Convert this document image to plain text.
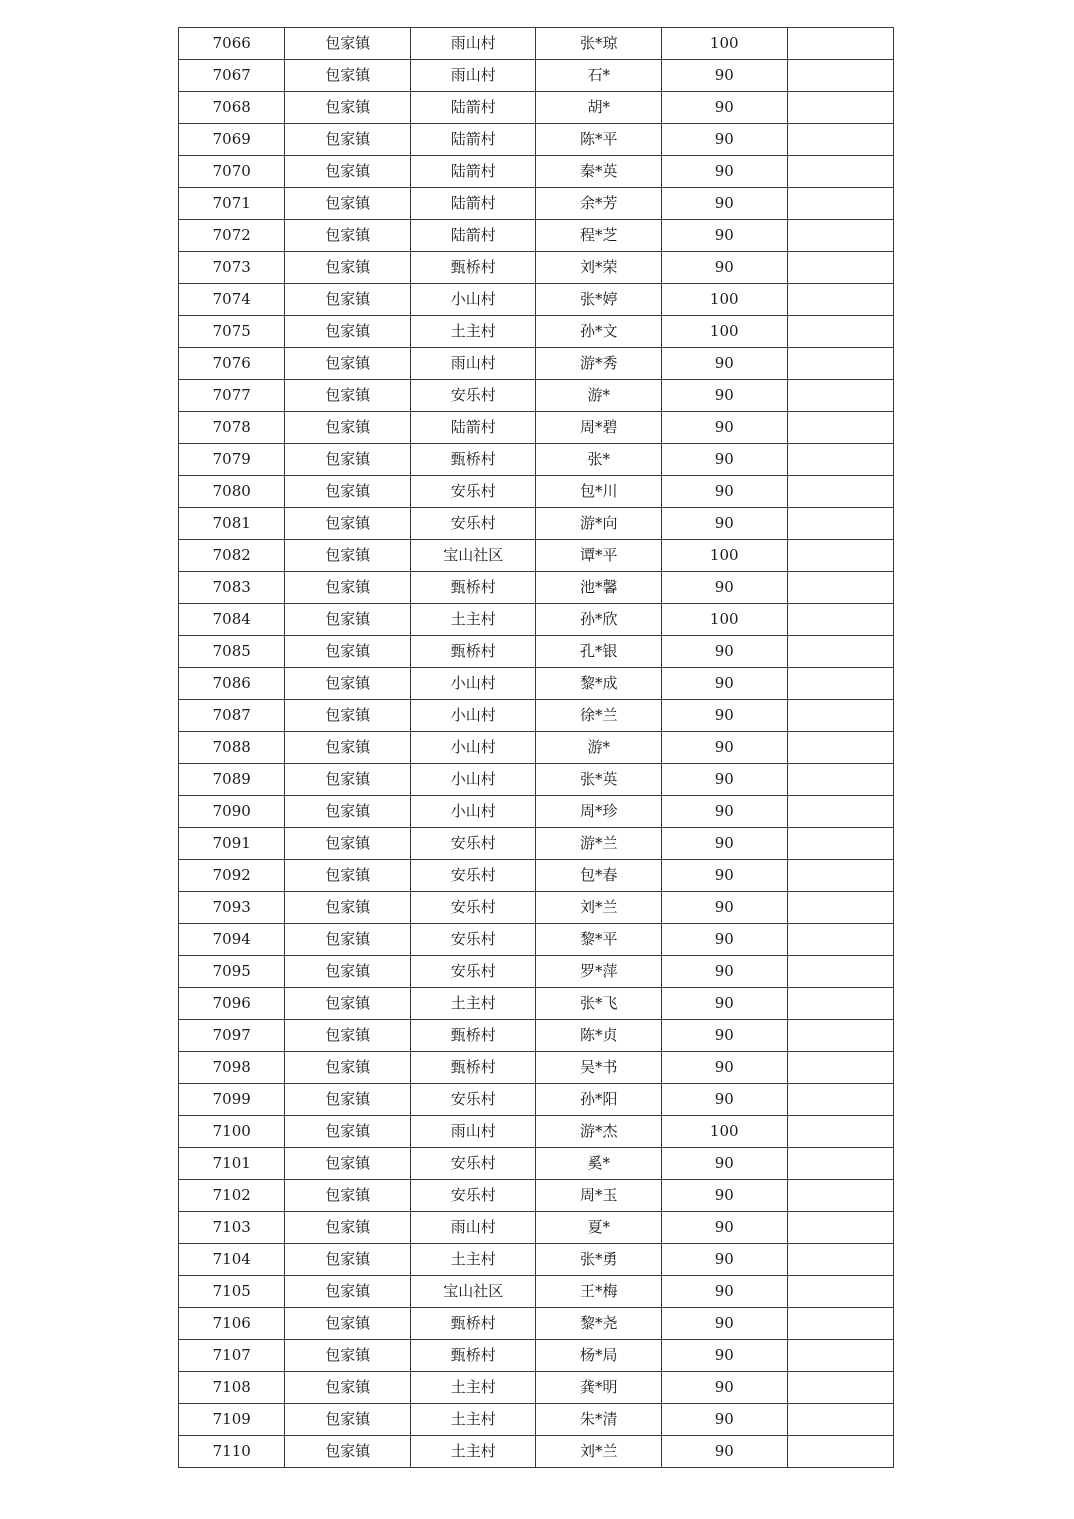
7066	包家镇	雨山村	张*琼	100	
7067	包家镇	雨山村	石*	90	
7068	包家镇	陆箭村	胡*	90	
7069	包家镇	陆箭村	陈*平	90	
7070	包家镇	陆箭村	秦*英	90	
7071	包家镇	陆箭村	余*芳	90	
7072	包家镇	陆箭村	程*芝	90	
7073	包家镇	甄桥村	刘*荣	90	
7074	包家镇	小山村	张*婷	100	
7075	包家镇	土主村	孙*文	100	
7076	包家镇	雨山村	游*秀	90	
7077	包家镇	安乐村	游*	90	
7078	包家镇	陆箭村	周*碧	90	
7079	包家镇	甄桥村	张*	90	
7080	包家镇	安乐村	包*川	90	
7081	包家镇	安乐村	游*向	90	
7082	包家镇	宝山社区	谭*平	100	
7083	包家镇	甄桥村	池*馨	90	
7084	包家镇	土主村	孙*欣	100	
7085	包家镇	甄桥村	孔*银	90	
7086	包家镇	小山村	黎*成	90	
7087	包家镇	小山村	徐*兰	90	
7088	包家镇	小山村	游*	90	
7089	包家镇	小山村	张*英	90	
7090	包家镇	小山村	周*珍	90	
7091	包家镇	安乐村	游*兰	90	
7092	包家镇	安乐村	包*春	90	
7093	包家镇	安乐村	刘*兰	90	
7094	包家镇	安乐村	黎*平	90	
7095	包家镇	安乐村	罗*萍	90	
7096	包家镇	土主村	张*飞	90	
7097	包家镇	甄桥村	陈*贞	90	
7098	包家镇	甄桥村	吴*书	90	
7099	包家镇	安乐村	孙*阳	90	
7100	包家镇	雨山村	游*杰	100	
7101	包家镇	安乐村	奚*	90	
7102	包家镇	安乐村	周*玉	90	
7103	包家镇	雨山村	夏*	90	
7104	包家镇	土主村	张*勇	90	
7105	包家镇	宝山社区	王*梅	90	
7106	包家镇	甄桥村	黎*尧	90	
7107	包家镇	甄桥村	杨*局	90	
7108	包家镇	土主村	龚*明	90	
7109	包家镇	土主村	朱*清	90	
7110	包家镇	土主村	刘*兰	90	
